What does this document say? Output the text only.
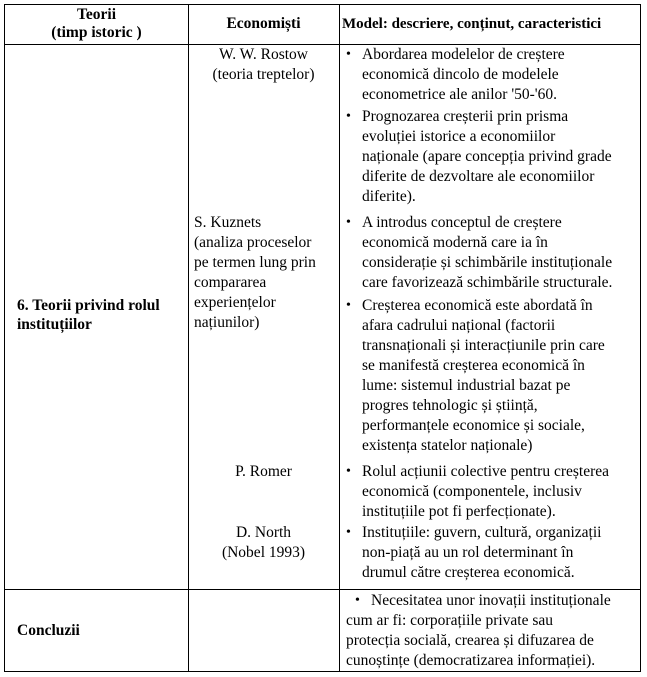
Teorii
(timp istoric )
Economiști	Model: descriere, conținut, caracteristici
6. Teorii privind rolul
instituțiilor
W. W. Rostow
(teoria treptelor)
S. Kuznets
(analiza proceselor
pe termen lung prin
compararea
experiențelor
națiunilor)
P. Romer
D. North
(Nobel 1993)
• Abordarea modelelor de creștere
economică dincolo de modelele
econometrice ale anilor '50-'60.
• Prognozarea creșterii prin prisma
evoluției istorice a economiilor
naționale (apare concepția privind grade
diferite de dezvoltare ale economiilor
diferite).
• A introdus conceptul de creștere
economică modernă care ia în
considerație și schimbările instituționale
care favorizează schimbările structurale.
• Creșterea economică este abordată în
afara cadrului național (factorii
transnaționali și interacțiunile prin care
se manifestă creșterea economică în
lume: sistemul industrial bazat pe
progres tehnologic și știință,
performanțele economice și sociale,
existența statelor naționale)
• Rolul acțiunii colective pentru creșterea
economică (componentele, inclusiv
instituțiile pot fi perfecționate).
• Instituțiile: guvern, cultură, organizații
non-piață au un rol determinant în
drumul către creșterea economică.
Concluzii
• Necesitatea unor inovații instituționale
cum ar fi: corporațiile private sau
protecția socială, crearea și difuzarea de
cunoștințe (democratizarea informației).
